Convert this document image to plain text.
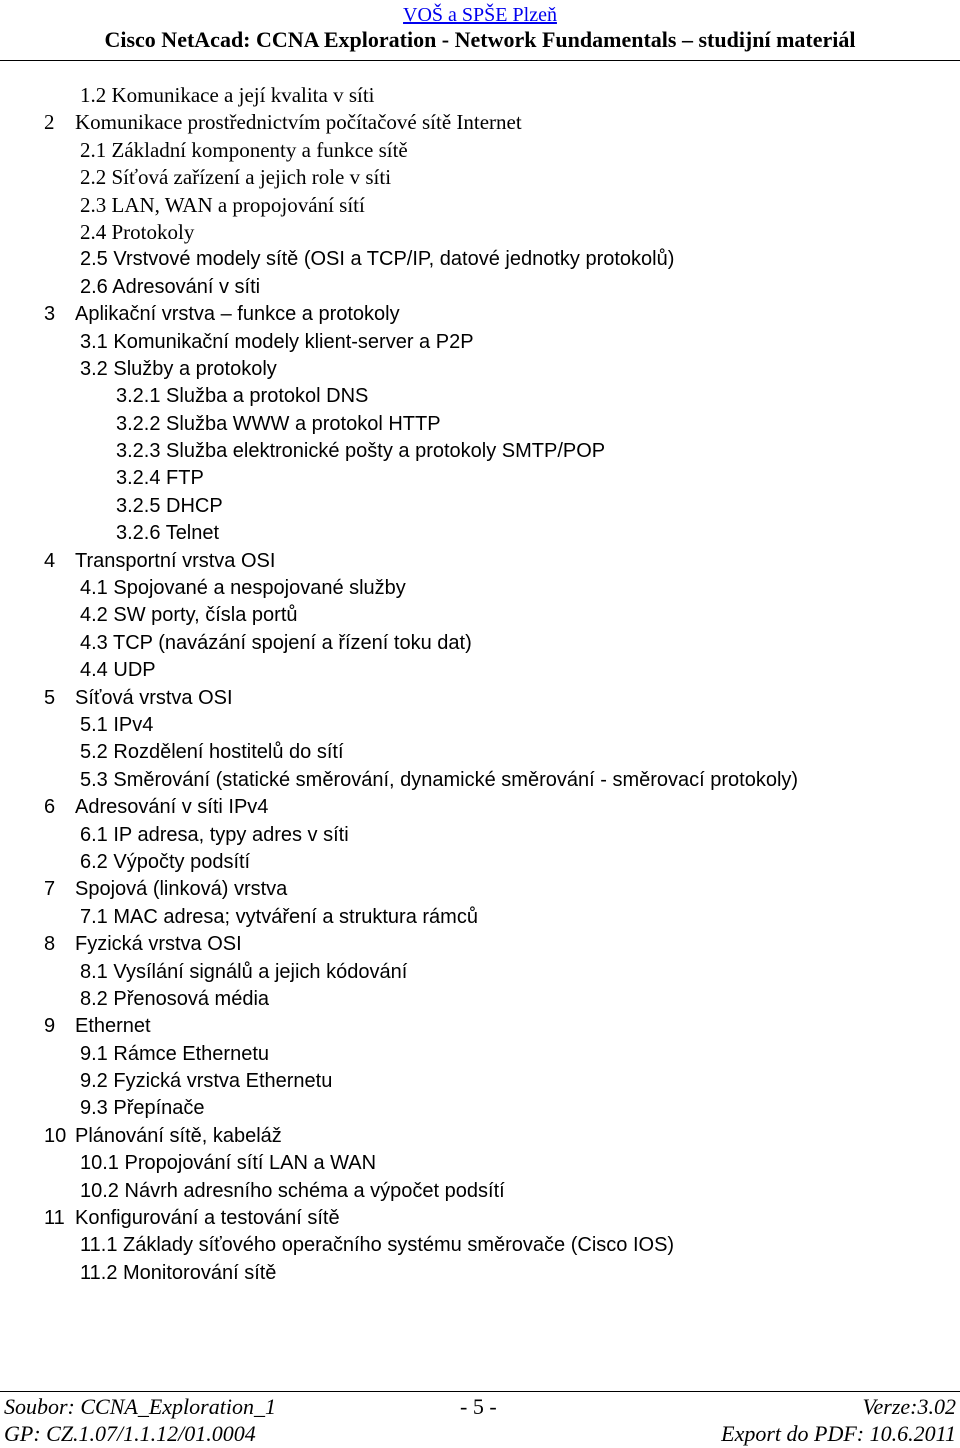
VOŠ a SPŠE Plzeň
Cisco NetAcad: CCNA Exploration - Network Fundamentals – studijní materiál
1.2 Komunikace a její kvalita v síti
2 Komunikace prostřednictvím počítačové sítě Internet
2.1 Základní komponenty a funkce sítě
2.2 Síťová zařízení a jejich role v síti
2.3 LAN, WAN a propojování sítí
2.4 Protokoly
2.5 Vrstvové modely sítě (OSI a TCP/IP, datové jednotky protokolů)
2.6 Adresování v síti
3 Aplikační vrstva – funkce a protokoly
3.1 Komunikační modely klient-server a P2P
3.2 Služby a protokoly
3.2.1 Služba a protokol DNS
3.2.2 Služba WWW a protokol HTTP
3.2.3 Služba elektronické pošty a protokoly SMTP/POP
3.2.4 FTP
3.2.5 DHCP
3.2.6 Telnet
4 Transportní vrstva OSI
4.1 Spojované a nespojované služby
4.2 SW porty, čísla portů
4.3 TCP (navázání spojení a řízení toku dat)
4.4 UDP
5 Síťová vrstva OSI
5.1 IPv4
5.2 Rozdělení hostitelů do sítí
5.3 Směrování (statické směrování, dynamické směrování - směrovací protokoly)
6 Adresování v síti IPv4
6.1 IP adresa, typy adres v síti
6.2 Výpočty podsítí
7 Spojová (linková) vrstva
7.1 MAC adresa; vytváření a struktura rámců
8 Fyzická vrstva OSI
8.1 Vysílání signálů a jejich kódování
8.2 Přenosová média
9 Ethernet
9.1 Rámce Ethernetu
9.2 Fyzická vrstva Ethernetu
9.3 Přepínače
10 Plánování sítě, kabeláž
10.1 Propojování sítí LAN a WAN
10.2 Návrh adresního schéma a výpočet podsítí
11 Konfigurování a testování sítě
11.1 Základy síťového operačního systému směrovače (Cisco IOS)
11.2 Monitorování sítě
Soubor: CCNA_Exploration_1	- 5 -	Verze:3.02
GP: CZ.1.07/1.1.12/01.0004	Export do PDF: 10.6.2011
